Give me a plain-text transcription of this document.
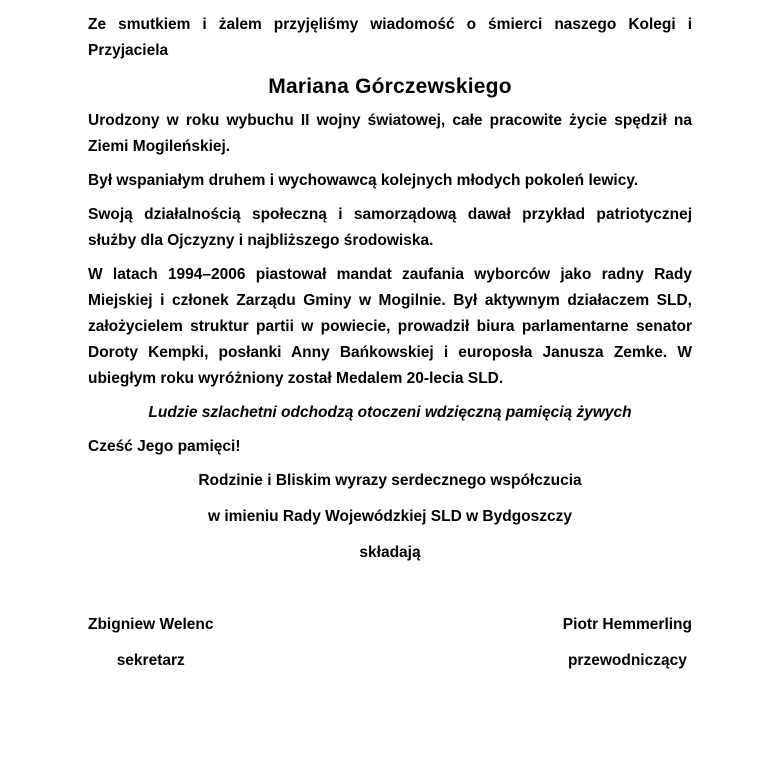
Ze smutkiem i żalem przyjęliśmy wiadomość o śmierci naszego Kolegi i Przyjaciela

Mariana Górczewskiego

Urodzony w roku wybuchu II wojny światowej, całe pracowite życie spędził na Ziemi Mogileńskiej.

Był wspaniałym druhem i wychowawcą kolejnych młodych pokoleń lewicy.

Swoją działalnością społeczną i samorządową dawał przykład patriotycznej służby dla Ojczyzny i najbliższego środowiska.

W latach 1994–2006 piastował mandat zaufania wyborców jako radny Rady Miejskiej i członek Zarządu Gminy w Mogilnie. Był aktywnym działaczem SLD, założycielem struktur partii w powiecie, prowadził biura parlamentarne senator Doroty Kempki, posłanki Anny Bańkowskiej i europosła Janusza Zemke. W ubiegłym roku wyróżniony został Medalem 20-lecia SLD.

Ludzie szlachetni odchodzą otoczeni wdzięczną pamięcią żywych

Cześć Jego pamięci!

Rodzinie i Bliskim wyrazy serdecznego współczucia

w imieniu Rady Wojewódzkiej SLD w Bydgoszczy

składają

Zbigniew Welenc
sekretarz
Piotr Hemmerling
przewodniczący
